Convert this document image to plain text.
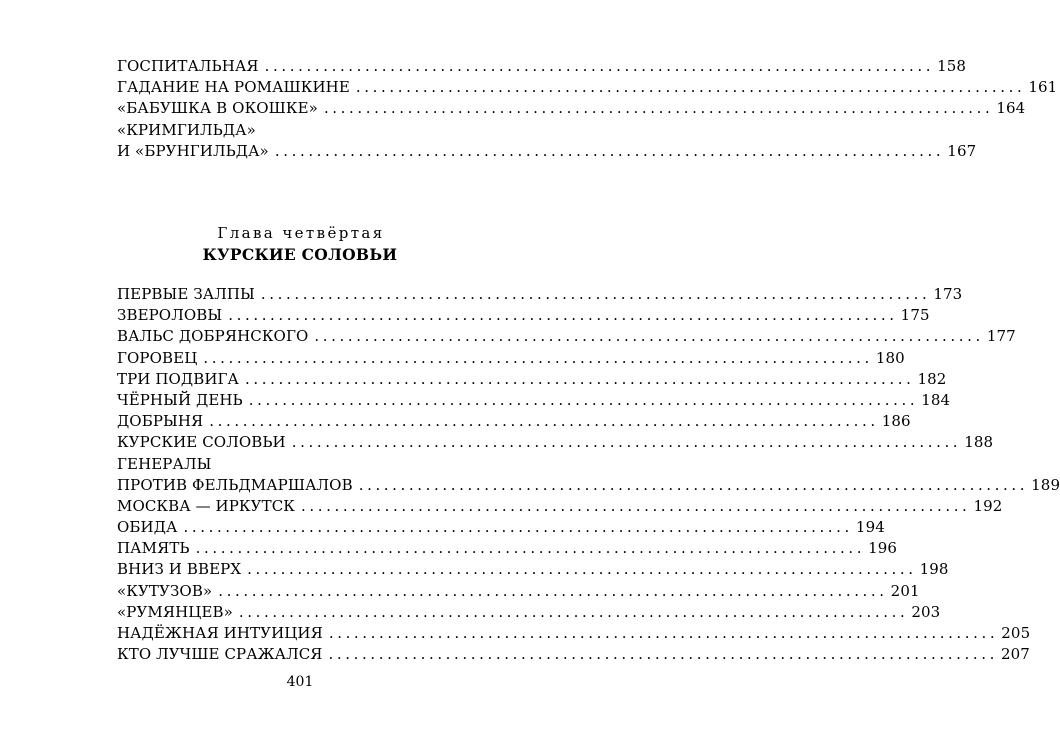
ГОСПИТАЛЬНАЯ ................................................................................ 158
ГАДАНИЕ НА РОМАШКИНЕ ................................................................................ 161
«БАБУШКА В ОКОШКЕ» ................................................................................ 164
«КРИМГИЛЬДА»
И «БРУНГИЛЬДА» ................................................................................ 167
Глава четвёртая
КУРСКИЕ СОЛОВЬИ
ПЕРВЫЕ ЗАЛПЫ ................................................................................ 173
ЗВЕРОЛОВЫ ................................................................................ 175
ВАЛЬС ДОБРЯНСКОГО ................................................................................ 177
ГОРОВЕЦ ................................................................................ 180
ТРИ ПОДВИГА ................................................................................ 182
ЧЁРНЫЙ ДЕНЬ ................................................................................ 184
ДОБРЫНЯ ................................................................................ 186
КУРСКИЕ СОЛОВЬИ ................................................................................ 188
ГЕНЕРАЛЫ
ПРОТИВ ФЕЛЬДМАРШАЛОВ ................................................................................ 189
МОСКВА — ИРКУТСК ................................................................................ 192
ОБИДА ................................................................................ 194
ПАМЯТЬ ................................................................................ 196
ВНИЗ И ВВЕРХ ................................................................................ 198
«КУТУЗОВ» ................................................................................ 201
«РУМЯНЦЕВ» ................................................................................ 203
НАДЁЖНАЯ ИНТУИЦИЯ ................................................................................ 205
КТО ЛУЧШЕ СРАЖАЛСЯ ................................................................................ 207
401
